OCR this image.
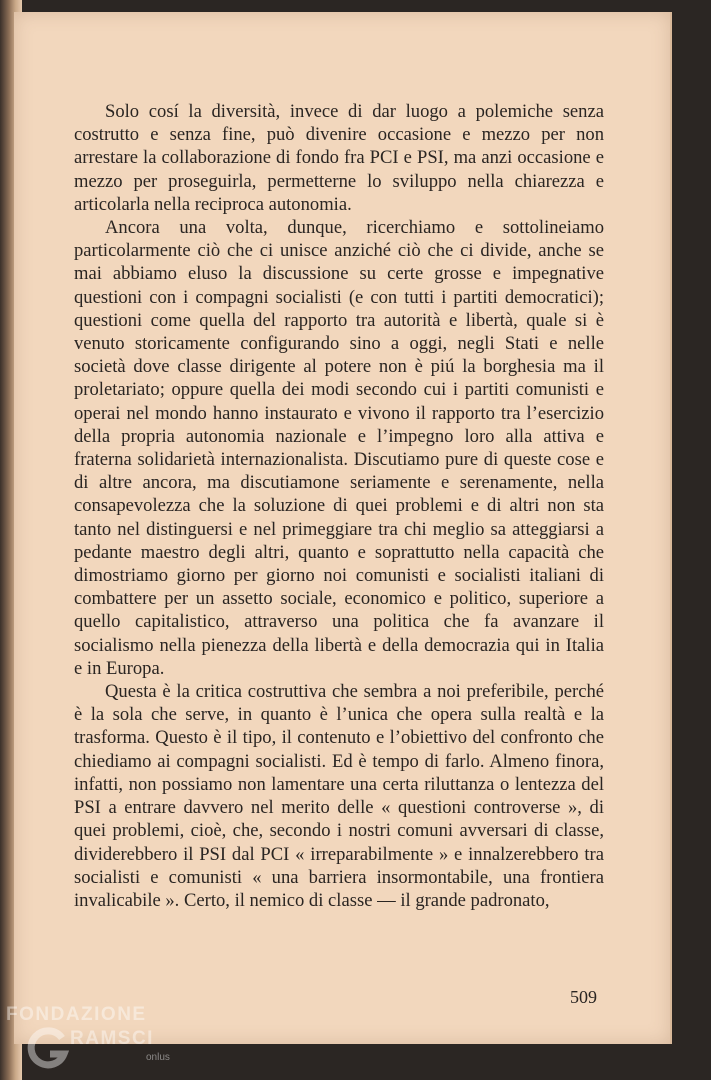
Solo cosí la diversità, invece di dar luogo a polemiche senza costrutto e senza fine, può divenire occasione e mezzo per non arrestare la collaborazione di fondo fra PCI e PSI, ma anzi occasione e mezzo per proseguirla, permetterne lo sviluppo nella chiarezza e articolarla nella reciproca autonomia.

Ancora una volta, dunque, ricerchiamo e sottolineiamo particolarmente ciò che ci unisce anziché ciò che ci divide, anche se mai abbiamo eluso la discussione su certe grosse e impegnative questioni con i compagni socialisti (e con tutti i partiti democratici); questioni come quella del rapporto tra autorità e libertà, quale si è venuto storicamente configurando sino a oggi, negli Stati e nelle società dove classe dirigente al potere non è piú la borghesia ma il proletariato; oppure quella dei modi secondo cui i partiti comunisti e operai nel mondo hanno instaurato e vivono il rapporto tra l’esercizio della propria autonomia nazionale e l’impegno loro alla attiva e fraterna solidarietà internazionalista. Discutiamo pure di queste cose e di altre ancora, ma discutiamone seriamente e serenamente, nella consapevolezza che la soluzione di quei problemi e di altri non sta tanto nel distinguersi e nel primeggiare tra chi meglio sa atteggiarsi a pedante maestro degli altri, quanto e soprattutto nella capacità che dimostriamo giorno per giorno noi comunisti e socialisti italiani di combattere per un assetto sociale, economico e politico, superiore a quello capitalistico, attraverso una politica che fa avanzare il socialismo nella pienezza della libertà e della democrazia qui in Italia e in Europa.

Questa è la critica costruttiva che sembra a noi preferibile, perché è la sola che serve, in quanto è l’unica che opera sulla realtà e la trasforma. Questo è il tipo, il contenuto e l’obiettivo del confronto che chiediamo ai compagni socialisti. Ed è tempo di farlo. Almeno finora, infatti, non possiamo non lamentare una certa riluttanza o lentezza del PSI a entrare davvero nel merito delle « questioni controverse », di quei problemi, cioè, che, secondo i nostri comuni avversari di classe, dividerebbero il PSI dal PCI « irreparabilmente » e innalzerebbero tra socialisti e comunisti « una barriera insormontabile, una frontiera invalicabile ». Certo, il nemico di classe — il grande padronato,

509
FONDAZIONE
RAMSCI
onlus
